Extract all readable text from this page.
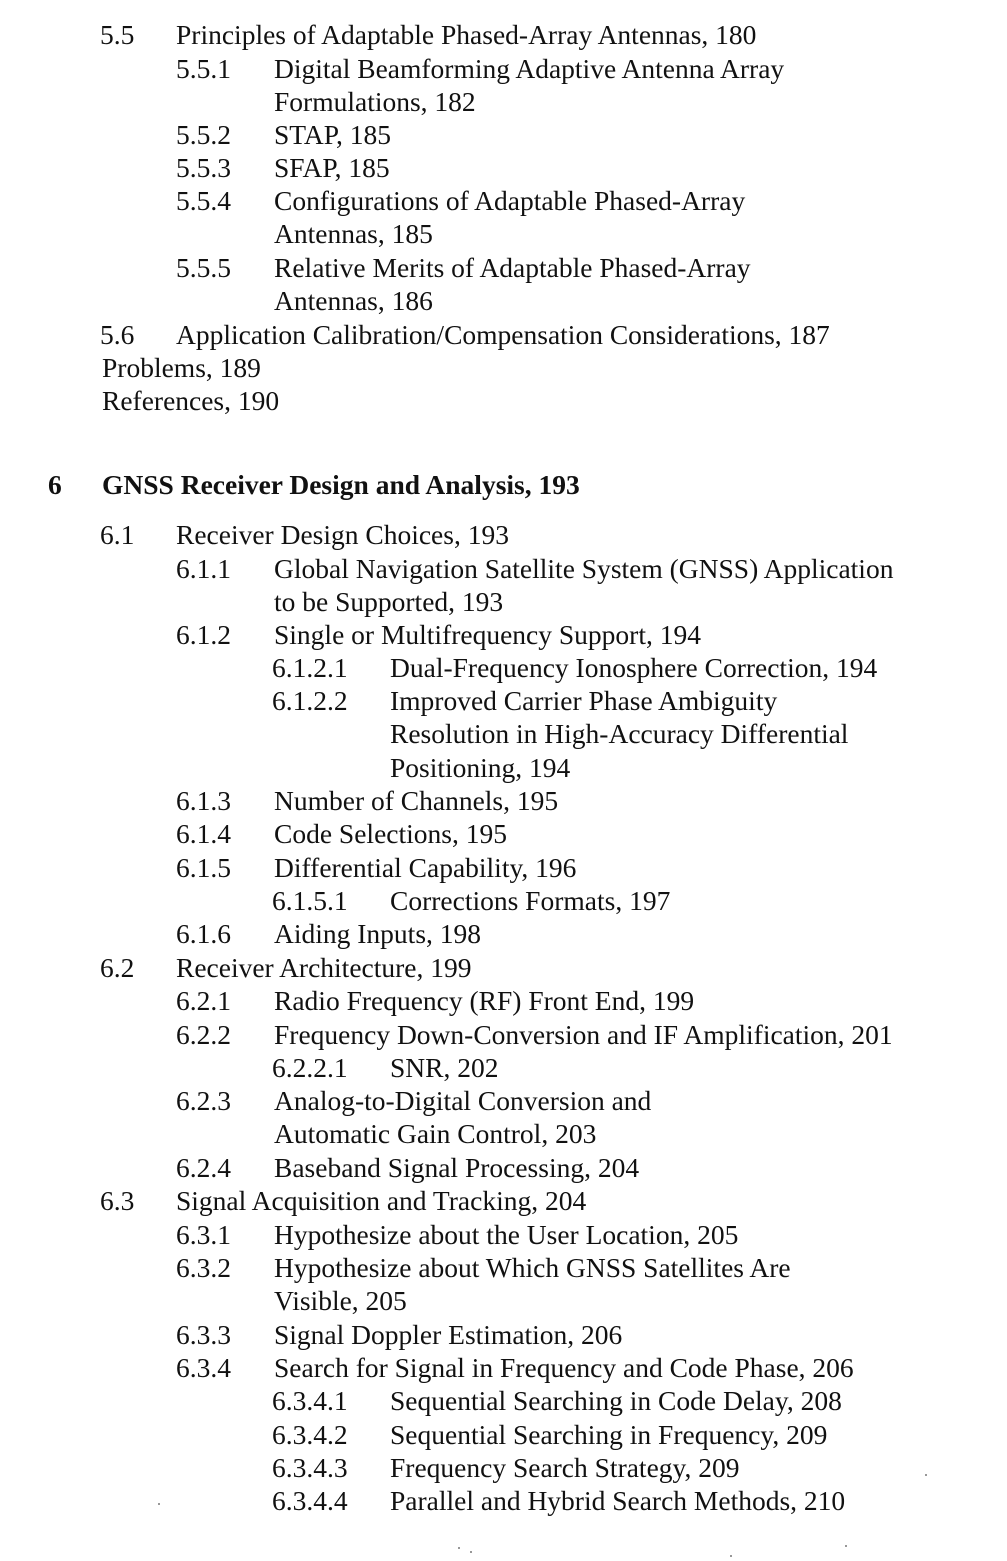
5.5 Principles of Adaptable Phased-Array Antennas, 180
5.5.1 Digital Beamforming Adaptive Antenna Array
Formulations, 182
5.5.2 STAP, 185
5.5.3 SFAP, 185
5.5.4 Configurations of Adaptable Phased-Array
Antennas, 185
5.5.5 Relative Merits of Adaptable Phased-Array
Antennas, 186
5.6 Application Calibration/Compensation Considerations, 187
Problems, 189
References, 190
6 GNSS Receiver Design and Analysis, 193
6.1 Receiver Design Choices, 193
6.1.1 Global Navigation Satellite System (GNSS) Application
to be Supported, 193
6.1.2 Single or Multifrequency Support, 194
6.1.2.1 Dual-Frequency Ionosphere Correction, 194
6.1.2.2 Improved Carrier Phase Ambiguity
Resolution in High-Accuracy Differential
Positioning, 194
6.1.3 Number of Channels, 195
6.1.4 Code Selections, 195
6.1.5 Differential Capability, 196
6.1.5.1 Corrections Formats, 197
6.1.6 Aiding Inputs, 198
6.2 Receiver Architecture, 199
6.2.1 Radio Frequency (RF) Front End, 199
6.2.2 Frequency Down-Conversion and IF Amplification, 201
6.2.2.1 SNR, 202
6.2.3 Analog-to-Digital Conversion and
Automatic Gain Control, 203
6.2.4 Baseband Signal Processing, 204
6.3 Signal Acquisition and Tracking, 204
6.3.1 Hypothesize about the User Location, 205
6.3.2 Hypothesize about Which GNSS Satellites Are
Visible, 205
6.3.3 Signal Doppler Estimation, 206
6.3.4 Search for Signal in Frequency and Code Phase, 206
6.3.4.1 Sequential Searching in Code Delay, 208
6.3.4.2 Sequential Searching in Frequency, 209
6.3.4.3 Frequency Search Strategy, 209
6.3.4.4 Parallel and Hybrid Search Methods, 210
